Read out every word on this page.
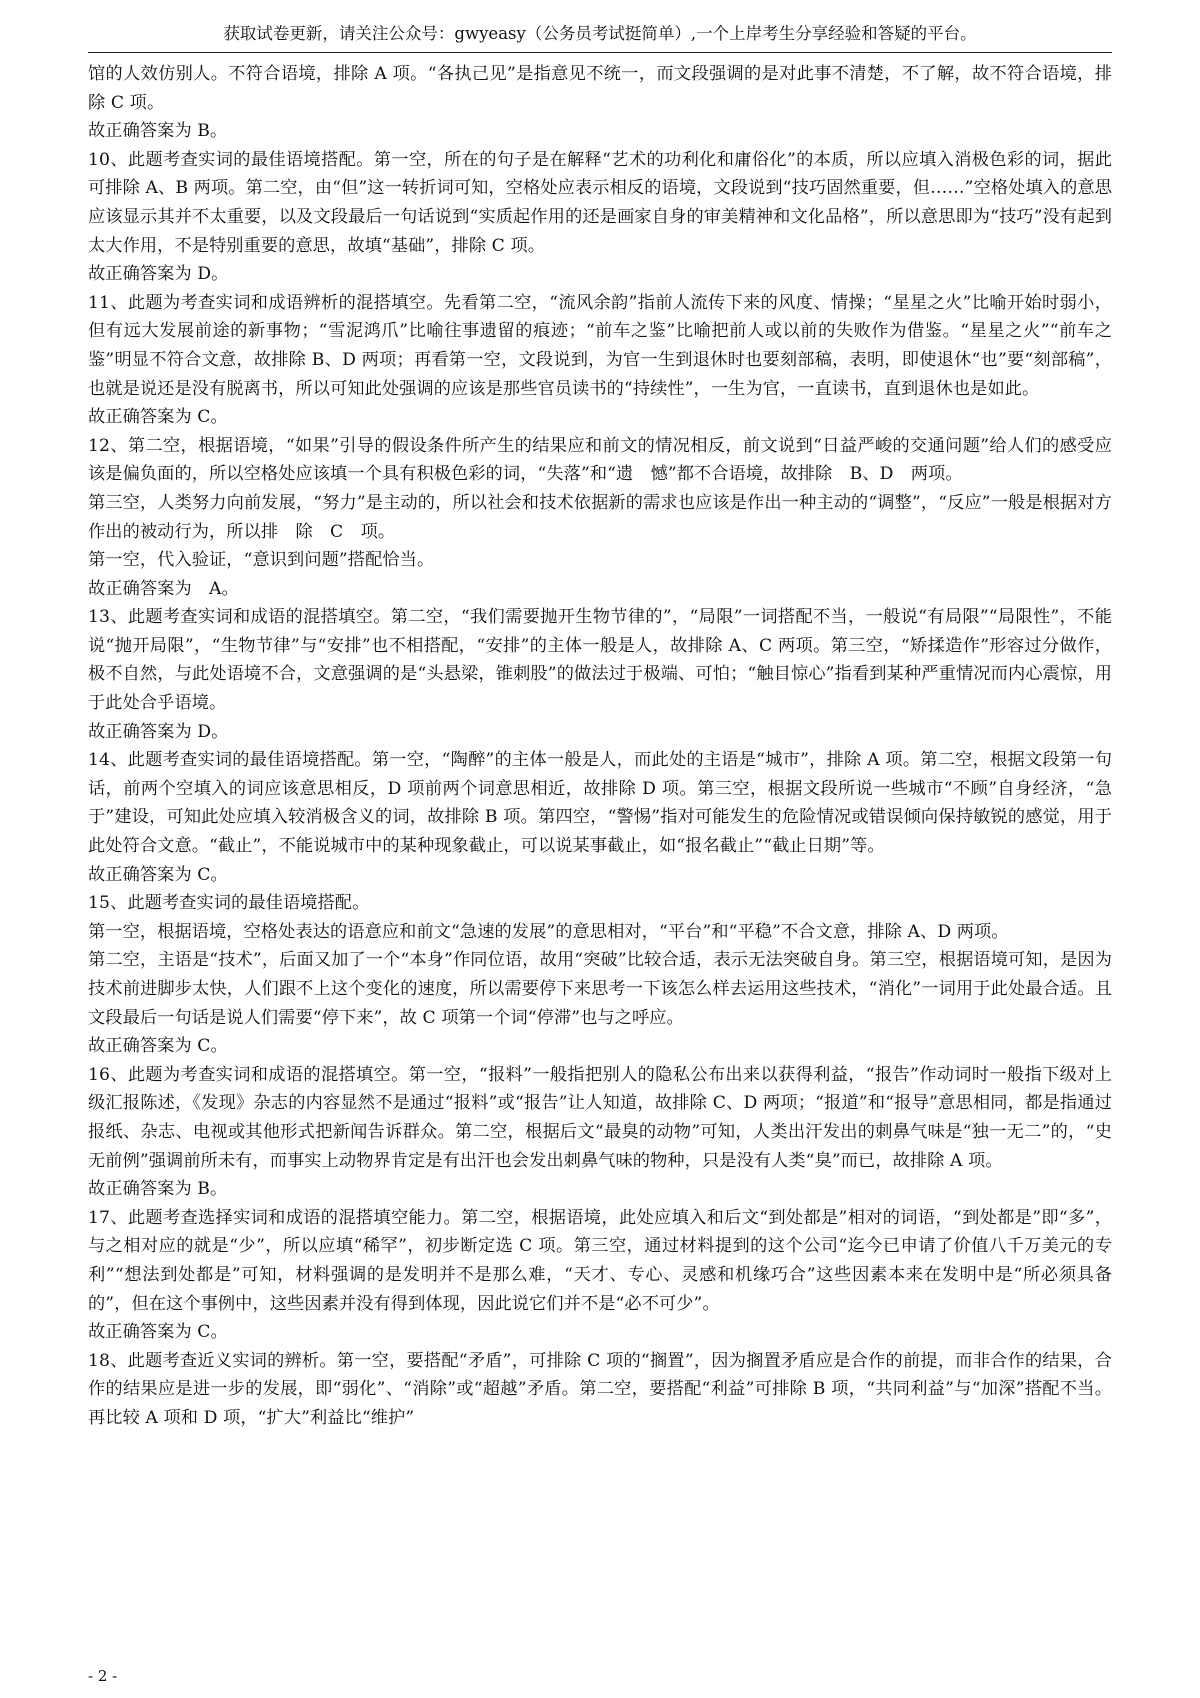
获取试卷更新，请关注公众号：gwyeasy（公务员考试挺简单）,一个上岸考生分享经验和答疑的平台。

馆的人效仿别人。不符合语境，排除 A 项。“各执己见”是指意见不统一，而文段强调的是对此事不清楚，不了解，故不符合语境，排除 C 项。

故正确答案为 B。

10、此题考查实词的最佳语境搭配。第一空，所在的句子是在解释“艺术的功利化和庸俗化”的本质，所以应填入消极色彩的词，据此可排除 A、B 两项。第二空，由“但”这一转折词可知，空格处应表示相反的语境，文段说到“技巧固然重要，但……”空格处填入的意思应该显示其并不太重要，以及文段最后一句话说到“实质起作用的还是画家自身的审美精神和文化品格”，所以意思即为“技巧”没有起到太大作用，不是特别重要的意思，故填“基础”，排除 C 项。

故正确答案为 D。

11、此题为考查实词和成语辨析的混搭填空。先看第二空，“流风余韵”指前人流传下来的风度、情操；“星星之火”比喻开始时弱小，但有远大发展前途的新事物；“雪泥鸿爪”比喻往事遗留的痕迹；“前车之鉴”比喻把前人或以前的失败作为借鉴。“星星之火”“前车之鉴”明显不符合文意，故排除 B、D 两项；再看第一空，文段说到，为官一生到退休时也要刻部稿，表明，即使退休“也”要“刻部稿”，也就是说还是没有脱离书，所以可知此处强调的应该是那些官员读书的“持续性”，一生为官，一直读书，直到退休也是如此。

故正确答案为 C。

12、第二空，根据语境，“如果”引导的假设条件所产生的结果应和前文的情况相反，前文说到“日益严峻的交通问题”给人们的感受应该是偏负面的，所以空格处应该填一个具有积极色彩的词，“失落”和“遗　憾”都不合语境，故排除　B、D　两项。

第三空，人类努力向前发展，“努力”是主动的，所以社会和技术依据新的需求也应该是作出一种主动的“调整”，“反应”一般是根据对方作出的被动行为，所以排　除　C　项。

第一空，代入验证，“意识到问题”搭配恰当。

故正确答案为　A。

13、此题考查实词和成语的混搭填空。第二空，“我们需要抛开生物节律的”，“局限”一词搭配不当，一般说“有局限”“局限性”，不能说“抛开局限”，“生物节律”与“安排”也不相搭配，“安排”的主体一般是人，故排除 A、C 两项。第三空，“矫揉造作”形容过分做作，极不自然，与此处语境不合，文意强调的是“头悬梁，锥刺股”的做法过于极端、可怕；“触目惊心”指看到某种严重情况而内心震惊，用于此处合乎语境。

故正确答案为 D。

14、此题考查实词的最佳语境搭配。第一空，“陶醉”的主体一般是人，而此处的主语是“城市”，排除 A 项。第二空，根据文段第一句话，前两个空填入的词应该意思相反，D 项前两个词意思相近，故排除 D 项。第三空，根据文段所说一些城市“不顾”自身经济，“急于”建设，可知此处应填入较消极含义的词，故排除 B 项。第四空，“警惕”指对可能发生的危险情况或错误倾向保持敏锐的感觉，用于此处符合文意。“截止”，不能说城市中的某种现象截止，可以说某事截止，如“报名截止”“截止日期”等。

故正确答案为 C。

15、此题考查实词的最佳语境搭配。

第一空，根据语境，空格处表达的语意应和前文“急速的发展”的意思相对，“平台”和“平稳”不合文意，排除 A、D 两项。

第二空，主语是“技术”，后面又加了一个“本身”作同位语，故用“突破”比较合适，表示无法突破自身。第三空，根据语境可知，是因为技术前进脚步太快，人们跟不上这个变化的速度，所以需要停下来思考一下该怎么样去运用这些技术，“消化”一词用于此处最合适。且文段最后一句话是说人们需要“停下来”，故 C 项第一个词“停滞”也与之呼应。

故正确答案为 C。

16、此题为考查实词和成语的混搭填空。第一空，“报料”一般指把别人的隐私公布出来以获得利益，“报告”作动词时一般指下级对上级汇报陈述，《发现》杂志的内容显然不是通过“报料”或“报告”让人知道，故排除 C、D 两项；“报道”和“报导”意思相同，都是指通过报纸、杂志、电视或其他形式把新闻告诉群众。第二空，根据后文“最臭的动物”可知，人类出汗发出的刺鼻气味是“独一无二”的，“史无前例”强调前所未有，而事实上动物界肯定是有出汗也会发出刺鼻气味的物种，只是没有人类“臭”而已，故排除 A 项。

故正确答案为 B。

17、此题考查选择实词和成语的混搭填空能力。第二空，根据语境，此处应填入和后文“到处都是”相对的词语，“到处都是”即“多”，与之相对应的就是“少”，所以应填“稀罕”，初步断定选 C 项。第三空，通过材料提到的这个公司“迄今已申请了价值八千万美元的专利”“想法到处都是”可知，材料强调的是发明并不是那么难，“天才、专心、灵感和机缘巧合”这些因素本来在发明中是“所必须具备的”，但在这个事例中，这些因素并没有得到体现，因此说它们并不是“必不可少”。

故正确答案为 C。

18、此题考查近义实词的辨析。第一空，要搭配“矛盾”，可排除 C 项的“搁置”，因为搁置矛盾应是合作的前提，而非合作的结果，合作的结果应是进一步的发展，即“弱化”、“消除”或“超越”矛盾。第二空，要搭配“利益”可排除 B 项，“共同利益”与“加深”搭配不当。再比较 A 项和 D 项，“扩大”利益比“维护”

- 2 -
